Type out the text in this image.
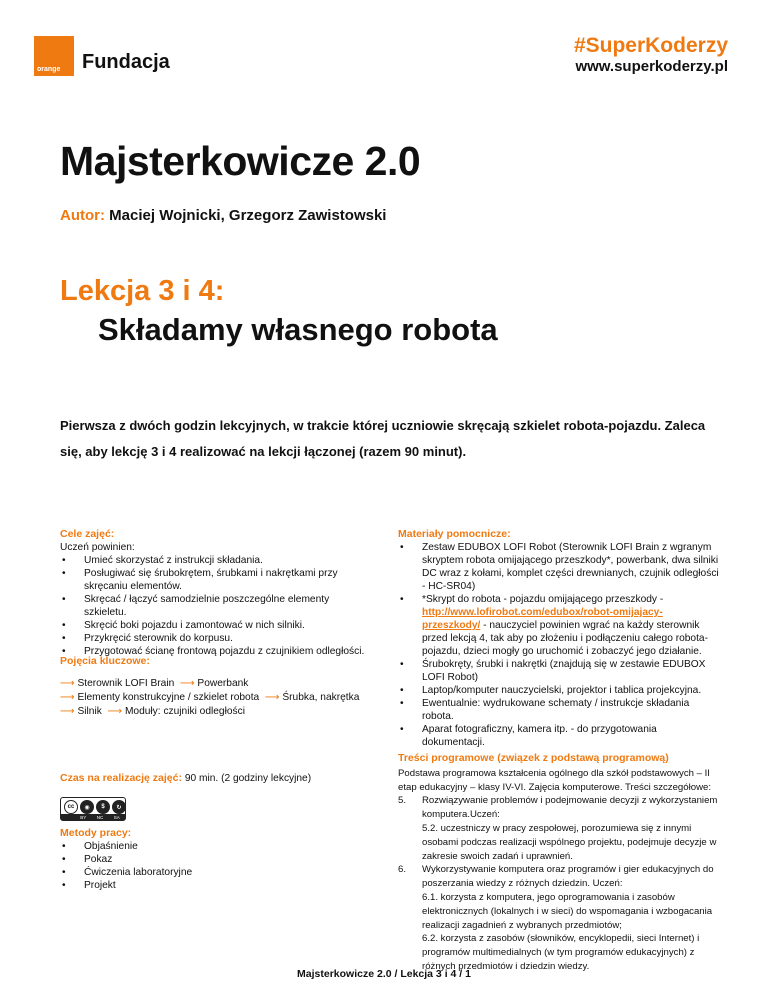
orange Fundacja
#SuperKoderzy
www.superkoderzy.pl
Majsterkowicze 2.0
Autor: Maciej Wojnicki, Grzegorz Zawistowski
Lekcja 3 i 4:
Składamy własnego robota

Pierwsza z dwóch godzin lekcyjnych, w trakcie której uczniowie skręcają szkielet robota-pojazdu. Zaleca się, aby lekcję 3 i 4 realizować na lekcji łączonej (razem 90 minut).

Cele zajęć:
Uczeń powinien:
• Umieć skorzystać z instrukcji składania.
• Posługiwać się śrubokrętem, śrubkami i nakrętkami przy skręcaniu elementów.
• Skręcać / łączyć samodzielnie poszczególne elementy szkieletu.
• Skręcić boki pojazdu i zamontować w nich silniki.
• Przykręcić sterownik do korpusu.
• Przygotować ścianę frontową pojazdu z czujnikiem odległości.
Pojęcia kluczowe:
⟶ Sterownik LOFI Brain ⟶ Powerbank
⟶ Elementy konstrukcyjne / szkielet robota ⟶ Śrubka, nakrętka
⟶ Silnik ⟶ Moduły: czujniki odległości
Czas na realizację zajęć: 90 min. (2 godziny lekcyjne)
Metody pracy:
• Objaśnienie
• Pokaz
• Ćwiczenia laboratoryjne
• Projekt
cc	◉	$	↻
BY NC SA
Materiały pomocnicze:
• Zestaw EDUBOX LOFI Robot (Sterownik LOFI Brain z wgranym skryptem robota omijającego przeszkody*, powerbank, dwa silniki DC wraz z kołami, komplet części drewnianych, czujnik odległości - HC-SR04)
• *Skrypt do robota - pojazdu omijającego przeszkody - http://www.lofirobot.com/edubox/robot-omijajacy-przeszkody/ - nauczyciel powinien wgrać na każdy sterownik przed lekcją 4, tak aby po złożeniu i podłączeniu całego robota-pojazdu, dzieci mogły go uruchomić i zobaczyć jego działanie.
• Śrubokręty, śrubki i nakrętki (znajdują się w zestawie EDUBOX LOFI Robot)
• Laptop/komputer nauczycielski, projektor i tablica projekcyjna.
• Ewentualnie: wydrukowane schematy / instrukcje składania robota.
• Aparat fotograficzny, kamera itp. - do przygotowania dokumentacji.
Treści programowe (związek z podstawą programową)
Podstawa programowa kształcenia ogólnego dla szkół podstawowych – II etap edukacyjny – klasy IV-VI. Zajęcia komputerowe. Treści szczegółowe:
5. Rozwiązywanie problemów i podejmowanie decyzji z wykorzystaniem komputera.Uczeń:
5.2. uczestniczy w pracy zespołowej, porozumiewa się z innymi osobami podczas realizacji wspólnego projektu, podejmuje decyzje w zakresie swoich zadań i uprawnień.
6. Wykorzystywanie komputera oraz programów i gier edukacyjnych do poszerzania wiedzy z różnych dziedzin. Uczeń:
6.1. korzysta z komputera, jego oprogramowania i zasobów elektronicznych (lokalnych i w sieci) do wspomagania i wzbogacania realizacji zagadnień z wybranych przedmiotów;
6.2. korzysta z zasobów (słowników, encyklopedii, sieci Internet) i programów multimedialnych (w tym programów edukacyjnych) z różnych przedmiotów i dziedzin wiedzy.
Majsterkowicze 2.0 / Lekcja 3 i 4 / 1
